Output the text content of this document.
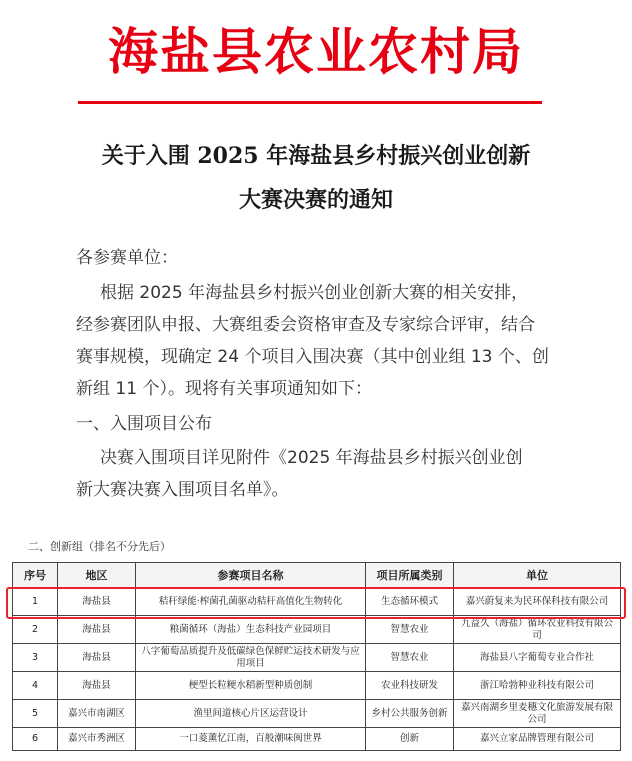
海盐县农业农村局
关于入围 2025 年海盐县乡村振兴创业创新
大赛决赛的通知
各参赛单位：
根据 2025 年海盐县乡村振兴创业创新大赛的相关安排，
经参赛团队申报、大赛组委会资格审查及专家综合评审，结合
赛事规模，现确定 24 个项目入围决赛（其中创业组 13 个、创
新组 11 个）。现将有关事项通知如下：
一、入围项目公布
决赛入围项目详见附件《2025 年海盐县乡村振兴创业创
新大赛决赛入围项目名单》。
二、创新组（排名不分先后）
序号	地区	参赛项目名称	项目所属类别	单位
1	海盐县	秸秆绿能·榨菌孔菌驱动秸秆高值化生物转化	生态循环模式	嘉兴蔚复来为民环保科技有限公司
2	海盐县	粮菌循环（海盐）生态科技产业园项目	智慧农业	九益久（海盐）循环农业科技有限公司
3	海盐县	八字葡萄品质提升及低碳绿色保鲜贮运技术研发与应用项目	智慧农业	海盐县八字葡萄专业合作社
4	海盐县	梗型长粒粳水稻新型种质创制	农业科技研发	浙江哈勃种业科技有限公司
5	嘉兴市南湖区	渔里间道核心片区运营设计	乡村公共服务创新	嘉兴南湖乡里麦穗文化旅游发展有限公司
6	嘉兴市秀洲区	一口菱薰忆江南，百般潮味闽世界	创新	嘉兴立家品牌管理有限公司
